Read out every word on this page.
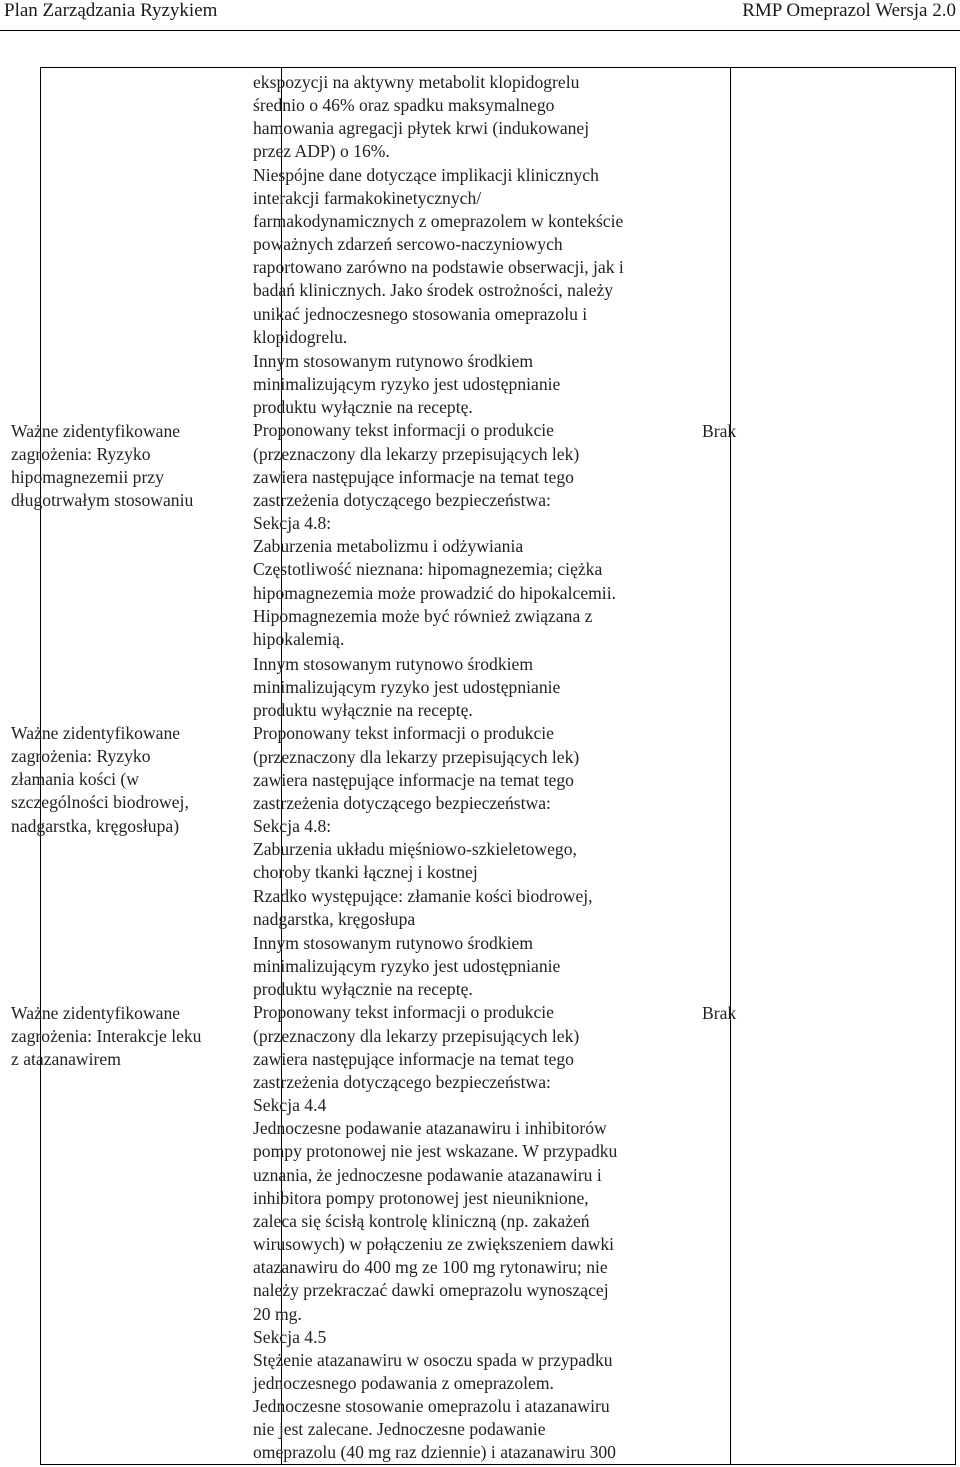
Plan Zarządzania Ryzykiem	RMP Omeprazol Wersja 2.0
ekspozycji na aktywny metabolit klopidogrelu
średnio o 46% oraz spadku maksymalnego
hamowania agregacji płytek krwi (indukowanej
przez ADP) o 16%.
Niespójne dane dotyczące implikacji klinicznych
interakcji farmakokinetycznych/
farmakodynamicznych z omeprazolem w kontekście
poważnych zdarzeń sercowo-naczyniowych
raportowano zarówno na podstawie obserwacji, jak i
badań klinicznych. Jako środek ostrożności, należy
unikać jednoczesnego stosowania omeprazolu i
klopidogrelu.
Ważne zidentyfikowane
zagrożenia: Ryzyko
hipomagnezemii przy
długotrwałym stosowaniu
Innym stosowanym rutynowo środkiem
minimalizującym ryzyko jest udostępnianie
produktu wyłącznie na receptę.
Proponowany tekst informacji o produkcie
(przeznaczony dla lekarzy przepisujących lek)
zawiera następujące informacje na temat tego
zastrzeżenia dotyczącego bezpieczeństwa:
Sekcja 4.8:
Zaburzenia metabolizmu i odżywiania
Częstotliwość nieznana: hipomagnezemia; ciężka
hipomagnezemia może prowadzić do hipokalcemii.
Hipomagnezemia może być również związana z
hipokalemią.
Brak
Ważne zidentyfikowane
zagrożenia: Ryzyko
złamania kości (w
szczególności biodrowej,
nadgarstka, kręgosłupa)
Innym stosowanym rutynowo środkiem
minimalizującym ryzyko jest udostępnianie
produktu wyłącznie na receptę.
Proponowany tekst informacji o produkcie
(przeznaczony dla lekarzy przepisujących lek)
zawiera następujące informacje na temat tego
zastrzeżenia dotyczącego bezpieczeństwa:
Sekcja 4.8:
Zaburzenia układu mięśniowo-szkieletowego,
choroby tkanki łącznej i kostnej
Rzadko występujące: złamanie kości biodrowej,
nadgarstka, kręgosłupa
Ważne zidentyfikowane
zagrożenia: Interakcje leku
z atazanawirem
Innym stosowanym rutynowo środkiem
minimalizującym ryzyko jest udostępnianie
produktu wyłącznie na receptę.
Proponowany tekst informacji o produkcie
(przeznaczony dla lekarzy przepisujących lek)
zawiera następujące informacje na temat tego
zastrzeżenia dotyczącego bezpieczeństwa:
Sekcja 4.4
Jednoczesne podawanie atazanawiru i inhibitorów
pompy protonowej nie jest wskazane. W przypadku
uznania, że jednoczesne podawanie atazanawiru i
inhibitora pompy protonowej jest nieuniknione,
zaleca się ścisłą kontrolę kliniczną (np. zakażeń
wirusowych) w połączeniu ze zwiększeniem dawki
atazanawiru do 400 mg ze 100 mg rytonawiru; nie
należy przekraczać dawki omeprazolu wynoszącej
20 mg.
Sekcja 4.5
Stężenie atazanawiru w osoczu spada w przypadku
jednoczesnego podawania z omeprazolem.
Jednoczesne stosowanie omeprazolu i atazanawiru
nie jest zalecane. Jednoczesne podawanie
omeprazolu (40 mg raz dziennie) i atazanawiru 300
Brak
